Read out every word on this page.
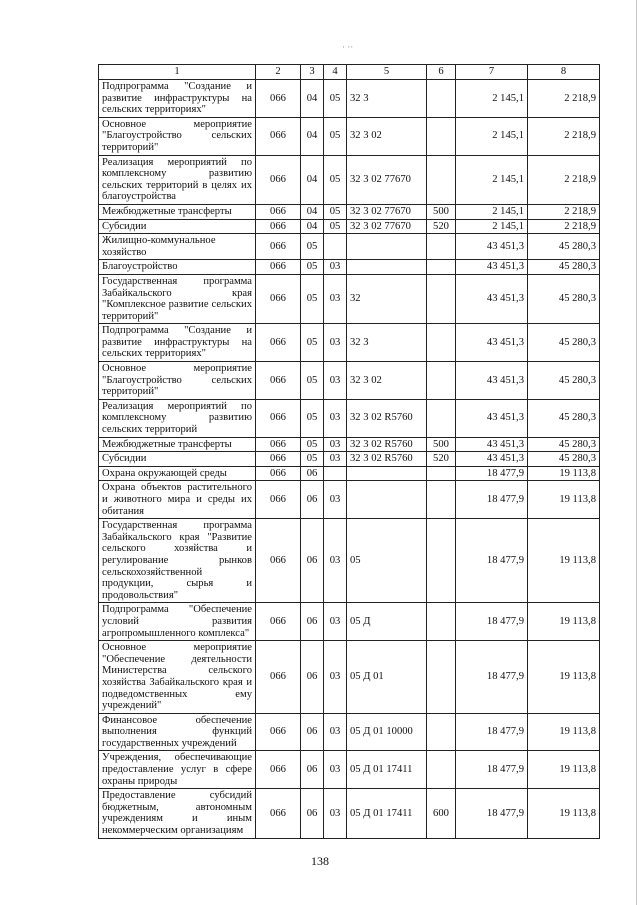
· ··
1	2	3	4	5	6	7	8
Подпрограмма "Создание и развитие инфраструктуры на сельских территориях"	066	04	05	32 3		2 145,1	2 218,9
Основное мероприятие "Благоустройство сельских территорий"	066	04	05	32 3 02		2 145,1	2 218,9
Реализация мероприятий по комплексному развитию сельских территорий в целях их благоустройства	066	04	05	32 3 02 77670		2 145,1	2 218,9
Межбюджетные трансферты	066	04	05	32 3 02 77670	500	2 145,1	2 218,9
Субсидии	066	04	05	32 3 02 77670	520	2 145,1	2 218,9
Жилищно-коммунальное хозяйство	066	05				43 451,3	45 280,3
Благоустройство	066	05	03			43 451,3	45 280,3
Государственная программа Забайкальского края "Комплексное развитие сельских территорий"	066	05	03	32		43 451,3	45 280,3
Подпрограмма "Создание и развитие инфраструктуры на сельских территориях"	066	05	03	32 3		43 451,3	45 280,3
Основное мероприятие "Благоустройство сельских территорий"	066	05	03	32 3 02		43 451,3	45 280,3
Реализация мероприятий по комплексному развитию сельских территорий	066	05	03	32 3 02 R5760		43 451,3	45 280,3
Межбюджетные трансферты	066	05	03	32 3 02 R5760	500	43 451,3	45 280,3
Субсидии	066	05	03	32 3 02 R5760	520	43 451,3	45 280,3
Охрана окружающей среды	066	06				18 477,9	19 113,8
Охрана объектов растительного и животного мира и среды их обитания	066	06	03			18 477,9	19 113,8
Государственная программа Забайкальского края "Развитие сельского хозяйства и регулирование рынков сельскохозяйственной продукции, сырья и продовольствия"	066	06	03	05		18 477,9	19 113,8
Подпрограмма "Обеспечение условий развития агропромышленного комплекса"	066	06	03	05 Д		18 477,9	19 113,8
Основное мероприятие "Обеспечение деятельности Министерства сельского хозяйства Забайкальского края и подведомственных ему учреждений"	066	06	03	05 Д 01		18 477,9	19 113,8
Финансовое обеспечение выполнения функций государственных учреждений	066	06	03	05 Д 01 10000		18 477,9	19 113,8
Учреждения, обеспечивающие предоставление услуг в сфере охраны природы	066	06	03	05 Д 01 17411		18 477,9	19 113,8
Предоставление субсидий бюджетным, автономным учреждениям и иным некоммерческим организациям	066	06	03	05 Д 01 17411	600	18 477,9	19 113,8
138
